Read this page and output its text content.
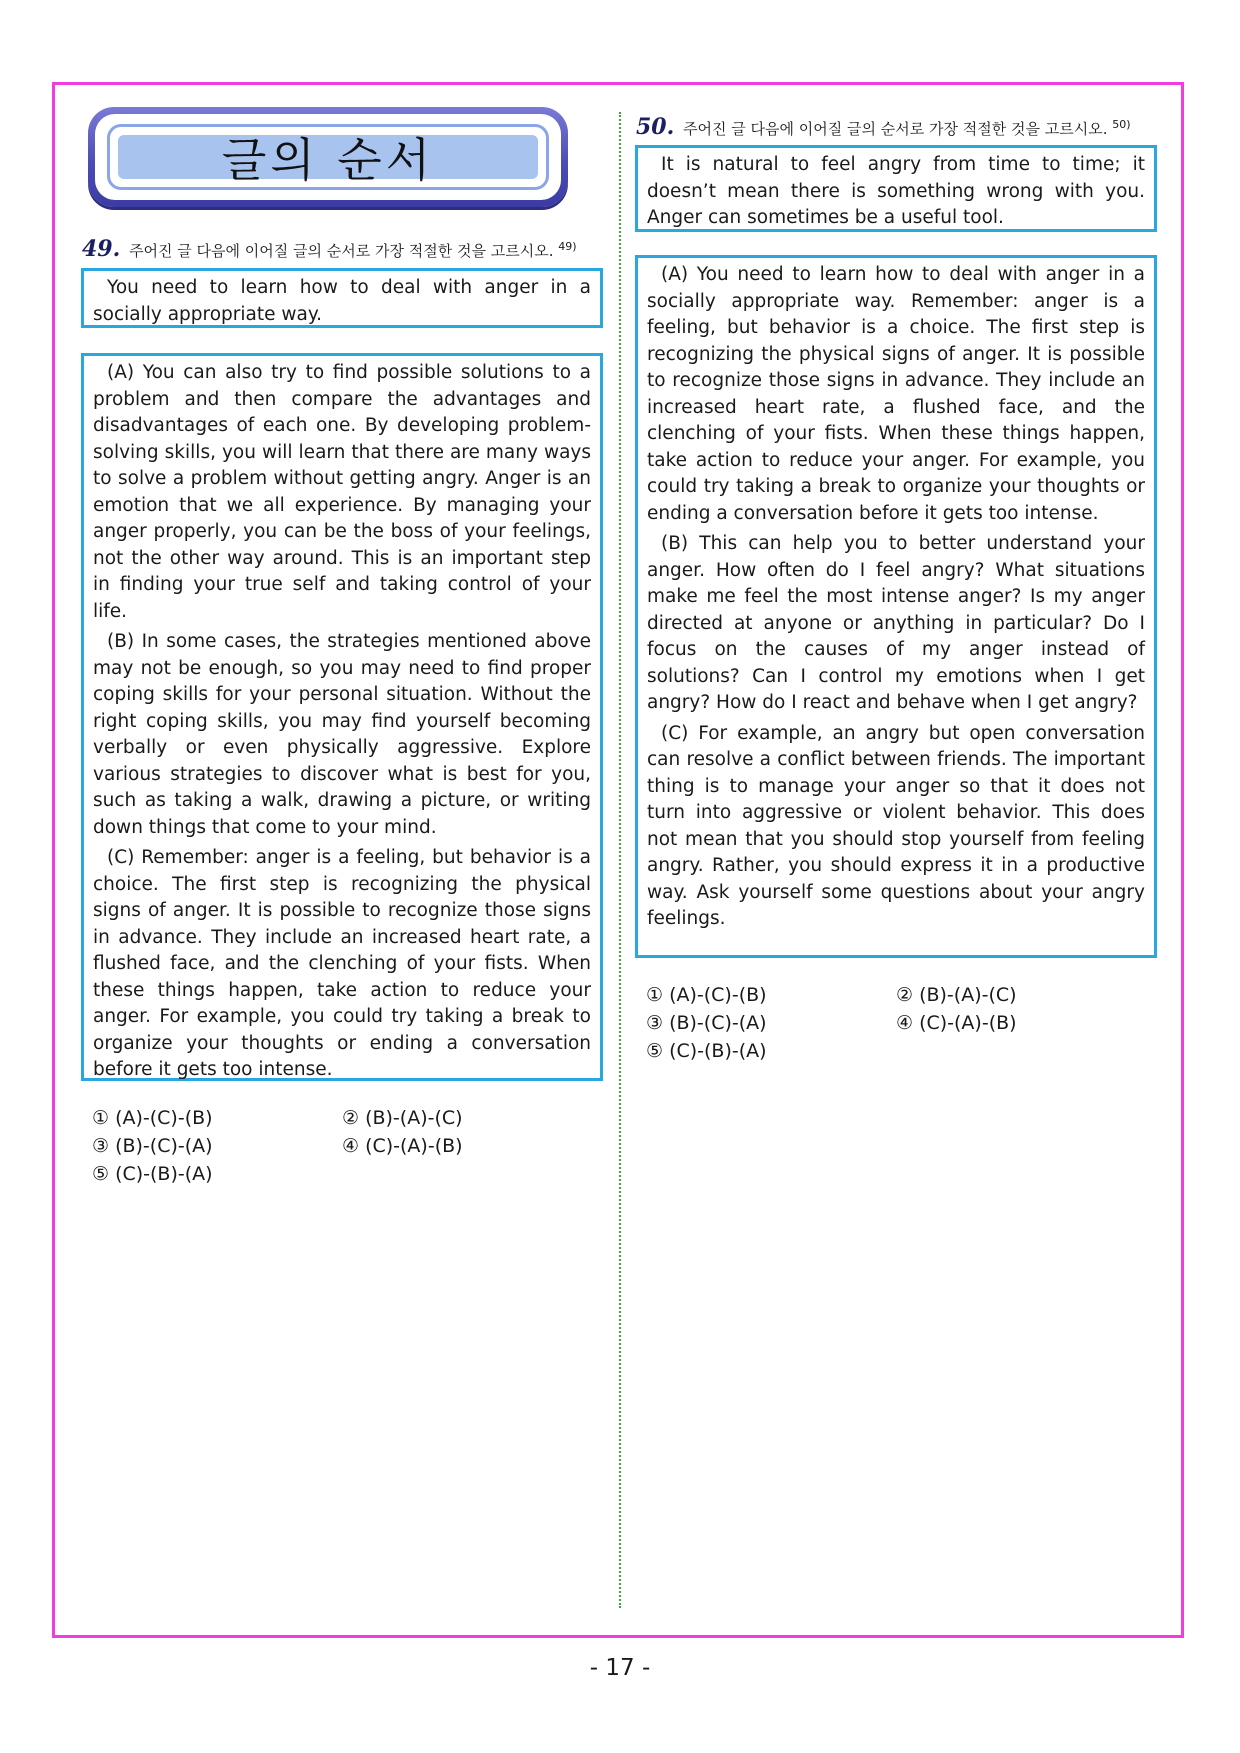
글의 순서
49. 주어진 글 다음에 이어질 글의 순서로 가장 적절한 것을 고르시오. $^{49)}$

You need to learn how to deal with anger in a socially appropriate way.

(A) You can also try to find possible solutions to a problem and then compare the advantages and disadvantages of each one. By developing problem-solving skills, you will learn that there are many ways to solve a problem without getting angry. Anger is an emotion that we all experience. By managing your anger properly, you can be the boss of your feelings, not the other way around. This is an important step in finding your true self and taking control of your life.

(B) In some cases, the strategies mentioned above may not be enough, so you may need to find proper coping skills for your personal situation. Without the right coping skills, you may find yourself becoming verbally or even physically aggressive. Explore various strategies to discover what is best for you, such as taking a walk, drawing a picture, or writing down things that come to your mind.

(C) Remember: anger is a feeling, but behavior is a choice. The first step is recognizing the physical signs of anger. It is possible to recognize those signs in advance. They include an increased heart rate, a flushed face, and the clenching of your fists. When these things happen, take action to reduce your anger. For example, you could try taking a break to organize your thoughts or ending a conversation before it gets too intense.

① (A)-(C)-(B)	② (B)-(A)-(C)
③ (B)-(C)-(A)	④ (C)-(A)-(B)
⑤ (C)-(B)-(A)
50. 주어진 글 다음에 이어질 글의 순서로 가장 적절한 것을 고르시오. $^{50)}$

It is natural to feel angry from time to time; it doesn’t mean there is something wrong with you. Anger can sometimes be a useful tool.

(A) You need to learn how to deal with anger in a socially appropriate way. Remember: anger is a feeling, but behavior is a choice. The first step is recognizing the physical signs of anger. It is possible to recognize those signs in advance. They include an increased heart rate, a flushed face, and the clenching of your fists. When these things happen, take action to reduce your anger. For example, you could try taking a break to organize your thoughts or ending a conversation before it gets too intense.

(B) This can help you to better understand your anger. How often do I feel angry? What situations make me feel the most intense anger? Is my anger directed at anyone or anything in particular? Do I focus on the causes of my anger instead of solutions? Can I control my emotions when I get angry? How do I react and behave when I get angry?

(C) For example, an angry but open conversation can resolve a conflict between friends. The important thing is to manage your anger so that it does not turn into aggressive or violent behavior. This does not mean that you should stop yourself from feeling angry. Rather, you should express it in a productive way. Ask yourself some questions about your angry feelings.

① (A)-(C)-(B)	② (B)-(A)-(C)
③ (B)-(C)-(A)	④ (C)-(A)-(B)
⑤ (C)-(B)-(A)
- 17 -
